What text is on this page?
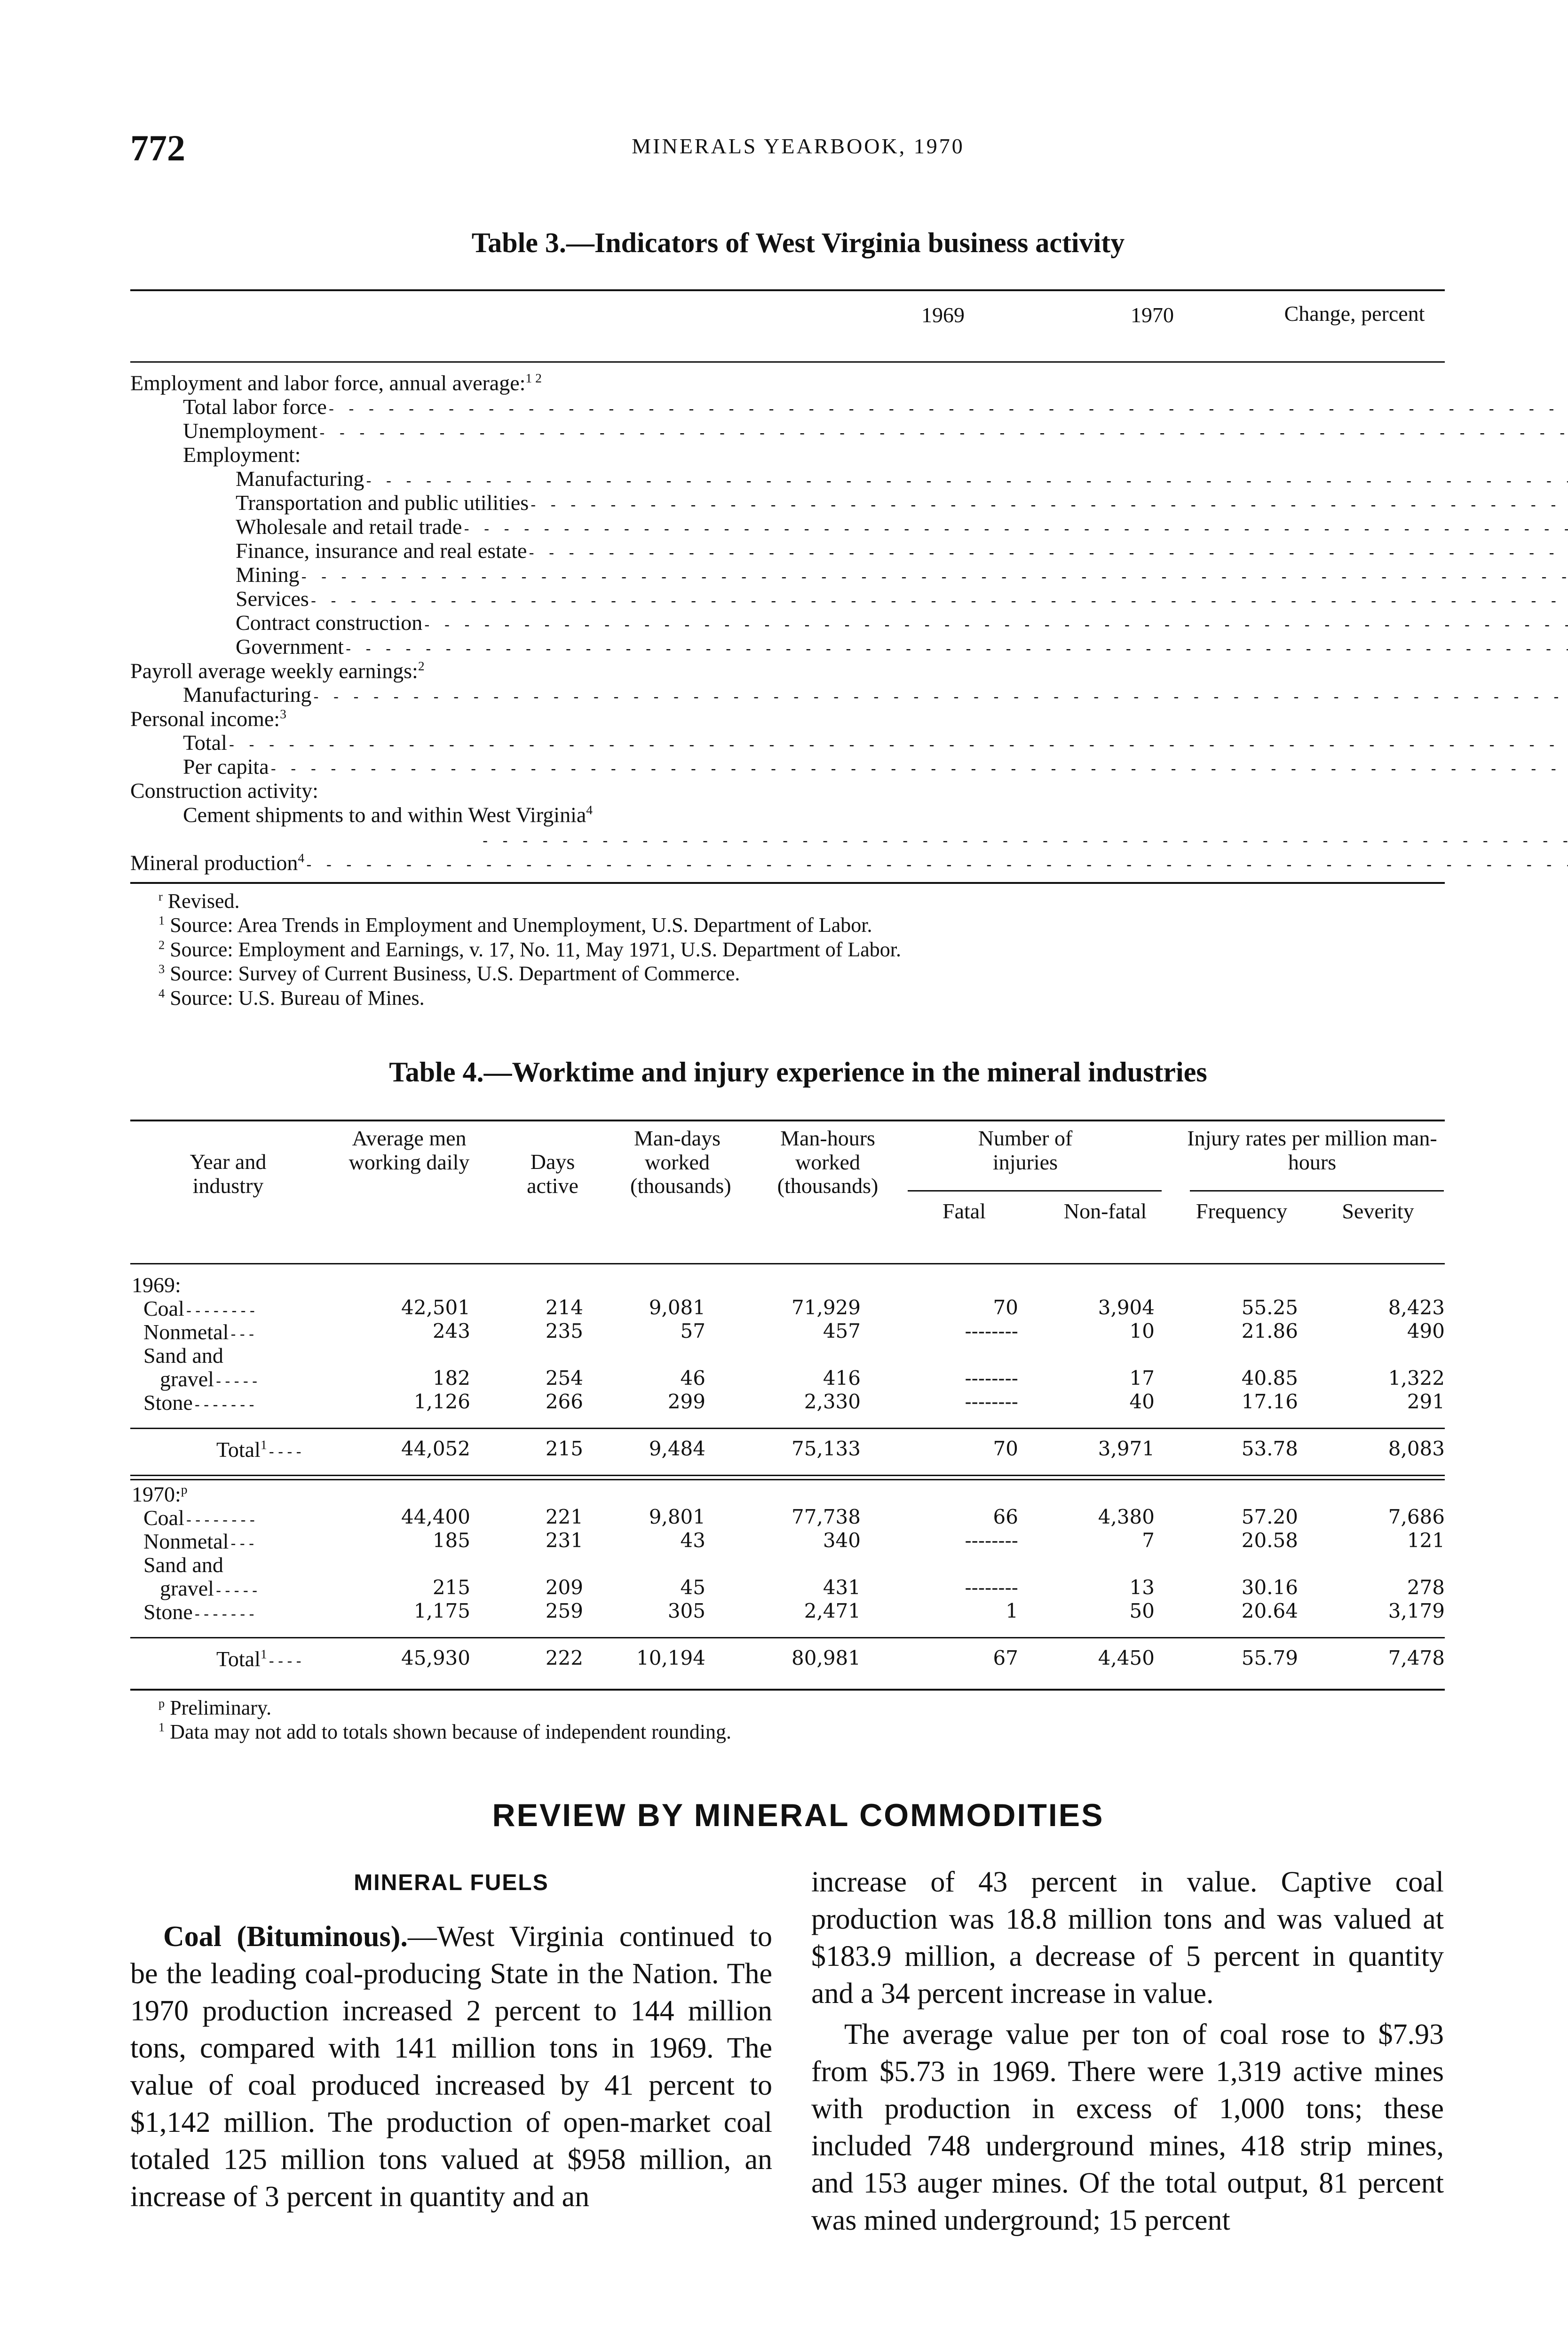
772	MINERALS YEARBOOK, 1970
Table 3.—Indicators of West Virginia business activity
1969	1970	Change, percent
Employment and labor force, annual average:$^{1 2}$

Total labor force
- - -

Unemployment
- - -

Employment:			

Manufacturing
- - -

Transportation and public utilities
- - -

Wholesale and retail trade
- - -

Finance, insurance and real estate
- - -

Mining
- - -

Services
- - -

Contract construction
- - -

Government
- - -

Payroll average weekly earnings:$^2$

Manufacturing
- - -

Personal income:$^3$

Total
- - -

Per capita
- - -

Construction activity:			

Cement shipments to and within West Virginia$^4$

- - -

Mineral production$^4$
- - -

$^r$ Revised.
$^1$ Source: Area Trends in Employment and Unemployment, U.S. Department of Labor.
$^2$ Source: Employment and Earnings, v. 17, No. 11, May 1971, U.S. Department of Labor.
$^3$ Source: Survey of Current Business, U.S. Department of Commerce.
$^4$ Source: U.S. Bureau of Mines.
Table 4.—Worktime and injury experience in the mineral industries
Year and industry
Average men working daily	Days active
Man-days worked (thousands)
Man-hours worked (thousands)
Number of injuries
Fatal	Non-fatal
Injury rates per million man-hours
Frequency	Severity
1969:
Coal--------	42,501	214	9,081	71,929	70	3,904	55.25	8,423
Nonmetal---	243	235	57	457	--------	10	21.86	490
Sand and
gravel-----	182	254	46	416	--------	17	40.85	1,322
Stone-------	1,126	266	299	2,330	--------	40	17.16	291
Total$^1$----	44,052	215	9,484	75,133	70	3,971	53.78	8,083
1970:$^p$
Coal--------	44,400	221	9,801	77,738	66	4,380	57.20	7,686
Nonmetal---	185	231	43	340	--------	7	20.58	121
Sand and
gravel-----	215	209	45	431	--------	13	30.16	278
Stone-------	1,175	259	305	2,471	1	50	20.64	3,179
Total$^1$----	45,930	222	10,194	80,981	67	4,450	55.79	7,478
$^p$ Preliminary.
$^1$ Data may not add to totals shown because of independent rounding.
REVIEW BY MINERAL COMMODITIES
MINERAL FUELS

Coal (Bituminous).—West Virginia continued to be the leading coal-producing State in the Nation. The 1970 production increased 2 percent to 144 million tons, compared with 141 million tons in 1969. The value of coal produced increased by 41 percent to $1,142 million. The production of open-market coal totaled 125 million tons valued at $958 million, an increase of 3 percent in quantity and an

increase of 43 percent in value. Captive coal production was 18.8 million tons and was valued at $183.9 million, a decrease of 5 percent in quantity and a 34 percent increase in value.

The average value per ton of coal rose to $7.93 from $5.73 in 1969. There were 1,319 active mines with production in excess of 1,000 tons; these included 748 underground mines, 418 strip mines, and 153 auger mines. Of the total output, 81 percent was mined underground; 15 percent
